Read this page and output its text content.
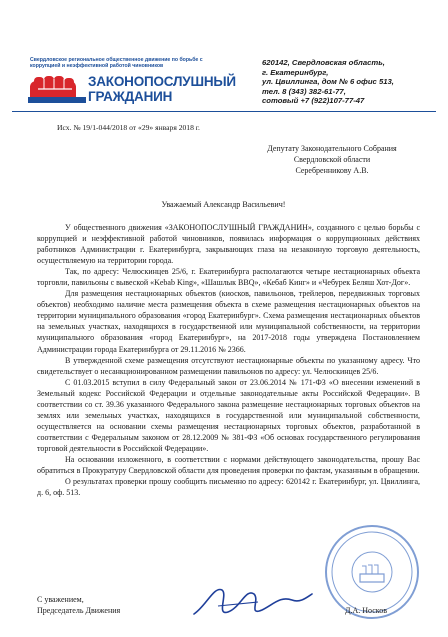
Свердловское региональное общественное движение по борьбе с коррупцией и неэффективной работой чиновников
ЗАКОНОПОСЛУШНЫЙ
ГРАЖДАНИН
620142, Свердловская область,
г. Екатеринбург,
ул. Цвиллинга, дом № 6 офис 513,
тел. 8 (343) 382-61-77,
сотовый +7 (922)107-77-47
Исх. № 19/1-044/2018 от «29» января 2018 г.
Депутату Законодательного Собрания
Свердловской области
Серебренникову А.В.
Уважаемый Александр Васильевич!

У общественного движения «ЗАКОНОПОСЛУШНЫЙ ГРАЖДАНИН», созданного с целью борьбы с коррупцией и неэффективной работой чиновников, появилась информация о коррупционных действиях работников Администрации г. Екатеринбурга, закрывающих глаза на незаконную торговую деятельность, осуществляемую на территории города.

Так, по адресу: Челюскинцев 25/6, г. Екатеринбурга располагаются четыре нестационарных объекта торговли, павильоны с вывеской «Kebab King», «Шашлык BBQ», «Кебаб Кинг» и «Чебурек Беляш Хот-Дог».

Для размещения нестационарных объектов (киосков, павильонов, трейлеров, передвижных торговых объектов) необходимо наличие места размещения объекта в схеме размещения нестационарных объектов на территории муниципального образования «город Екатеринбург». Схема размещения нестационарных объектов на земельных участках, находящихся в государственной или муниципальной собственности, на территории муниципального образования «город Екатеринбург», на 2017-2018 годы утверждена Постановлением Администрации города Екатеринбурга от 29.11.2016 № 2366.

В утвержденной схеме размещения отсутствуют нестационарные объекты по указанному адресу. Что свидетельствует о несанкционированном размещении павильонов по адресу: ул. Челюскинцев 25/6.

С 01.03.2015 вступил в силу Федеральный закон от 23.06.2014 № 171-ФЗ «О внесении изменений в Земельный кодекс Российской Федерации и отдельные законодательные акты Российской Федерации». В соответствии со ст. 39.36 указанного Федерального закона размещение нестационарных торговых объектов на землях или земельных участках, находящихся в государственной или муниципальной собственности, осуществляется на основании схемы размещения нестационарных торговых объектов, разработанной в соответствии с Федеральным законом от 28.12.2009 № 381-ФЗ «Об основах государственного регулирования торговой деятельности в Российской Федерации».

На основании изложенного, в соответствии с нормами действующего законодательства, прошу Вас обратиться в Прокуратуру Свердловской области для проведения проверки по фактам, указанным в обращении.

О результатах проверки прошу сообщить письменно по адресу: 620142 г. Екатеринбург, ул. Цвиллинга, д. 6, оф. 513.

С уважением,
Председатель Движения	Д.А. Носков
